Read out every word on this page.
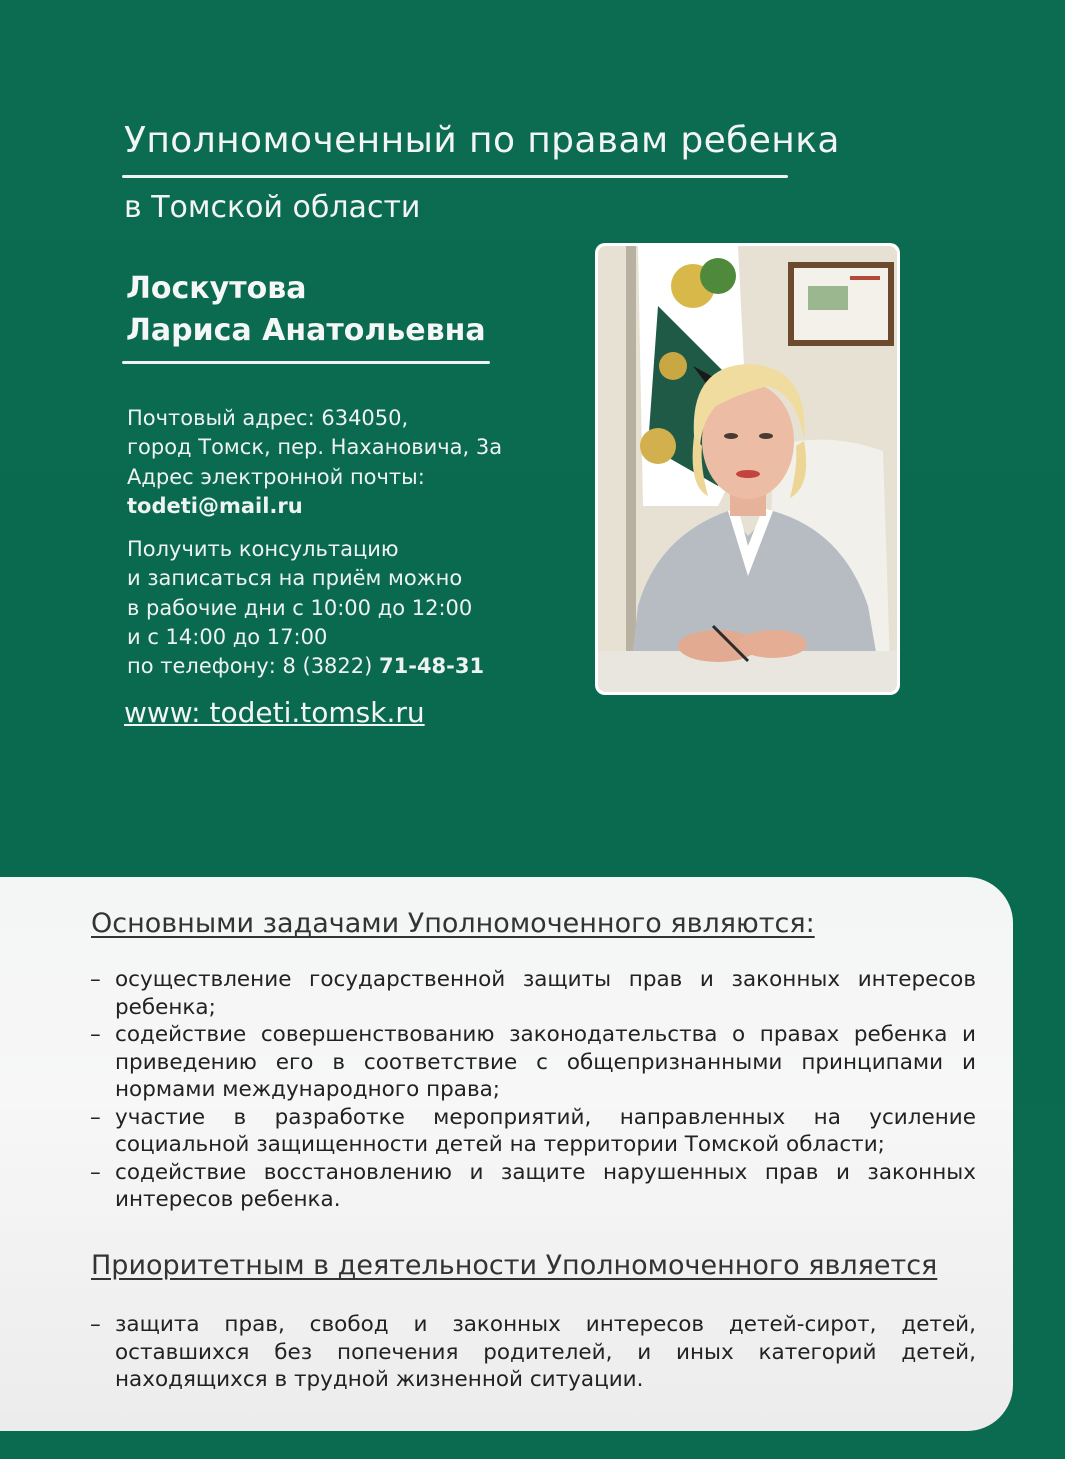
Уполномоченный по правам ребенка
в Томской области
Лоскутова
Лариса Анатольевна
Почтовый адрес: 634050,
город Томск, пер. Нахановича, 3а
Адрес электронной почты:
todeti@mail.ru
Получить консультацию
и записаться на приём можно
в рабочие дни с 10:00 до 12:00
и с 14:00 до 17:00
по телефону: 8 (3822) 71-48-31
www: todeti.tomsk.ru
Основными задачами Уполномоченного являются:
– осуществление государственной защиты прав и законных интересов ребенка;
– содействие совершенствованию законодательства о правах ребенка и приведению его в соответствие с общепризнанными принципами и нормами международного права;
– участие в разработке мероприятий, направленных на усиление социальной защищенности детей на территории Томской области;
– содействие восстановлению и защите нарушенных прав и законных интересов ребенка.
Приоритетным в деятельности Уполномоченного является
– защита прав, свобод и законных интересов детей-сирот, детей, оставшихся без попечения родителей, и иных категорий детей, находящихся в трудной жизненной ситуации.
